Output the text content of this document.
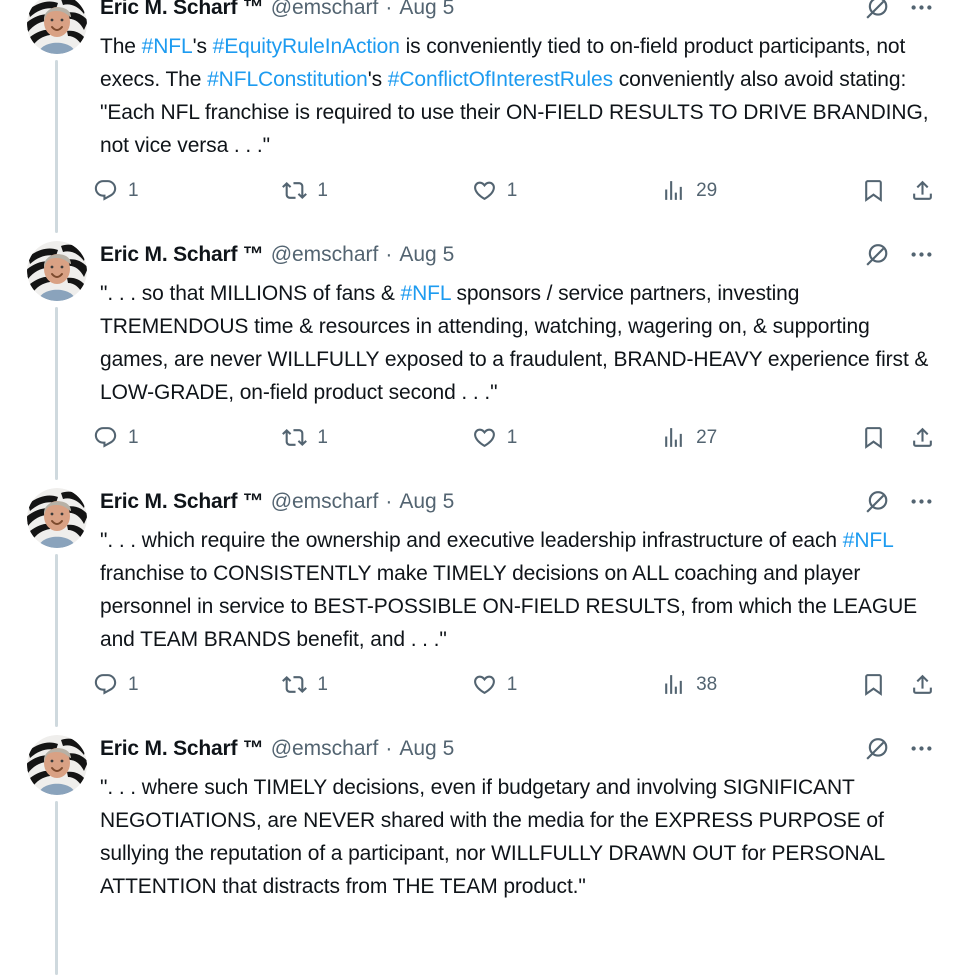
Eric M. Scharf ™ @emscharf · Aug 5
The #NFL's #EquityRuleInAction is conveniently tied to on-field product participants, not execs. The #NFLConstitution's #ConflictOfInterestRules conveniently also avoid stating: "Each NFL franchise is required to use their ON-FIELD RESULTS TO DRIVE BRANDING, not vice versa . . ."
1	1	1	29
Eric M. Scharf ™ @emscharf · Aug 5
". . . so that MILLIONS of fans & #NFL sponsors / service partners, investing TREMENDOUS time & resources in attending, watching, wagering on, & supporting games, are never WILLFULLY exposed to a fraudulent, BRAND-HEAVY experience first & LOW-GRADE, on-field product second . . ."
1	1	1	27
Eric M. Scharf ™ @emscharf · Aug 5
". . . which require the ownership and executive leadership infrastructure of each #NFL franchise to CONSISTENTLY make TIMELY decisions on ALL coaching and player personnel in service to BEST-POSSIBLE ON-FIELD RESULTS, from which the LEAGUE and TEAM BRANDS benefit, and . . ."
1	1	1	38
Eric M. Scharf ™ @emscharf · Aug 5
". . . where such TIMELY decisions, even if budgetary and involving SIGNIFICANT NEGOTIATIONS, are NEVER shared with the media for the EXPRESS PURPOSE of sullying the reputation of a participant, nor WILLFULLY DRAWN OUT for PERSONAL ATTENTION that distracts from THE TEAM product."
